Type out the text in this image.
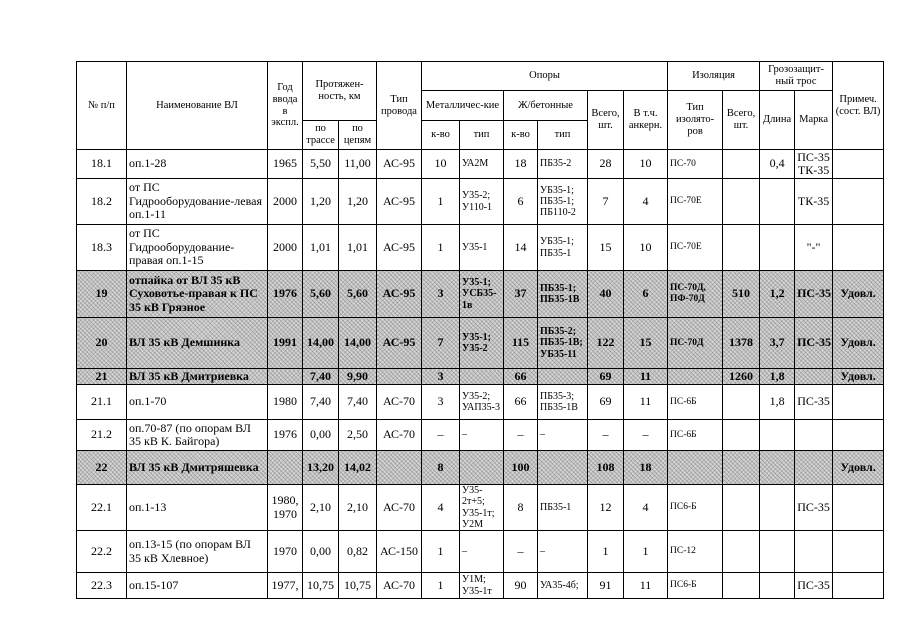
№ п/п	Наименование ВЛ	Год ввода в экспл.	Протяжен-ность, км		Тип провода	Опоры						Изоляция		Грозозащит-ный трос		Примеч. (сост. ВЛ)
						Металличес-кие		Ж/бетонные		Всего, шт.	В т.ч. анкерн.	Тип изолято-ров	Всего, шт.	Длина	Марка	
			по трассе	по цепям		к-во	тип	к-во	тип							
18.1	оп.1-28	1965	5,50	11,00	АС-95	10	УА2М	18	ПБ35-2	28	10	ПС-70		0,4	ПС-35 ТК-35	
18.2	от ПС Гидрооборудование-левая оп.1-11	2000	1,20	1,20	АС-95	1	У35-2; У110-1	6	УБ35-1; ПБ35-1; ПБ110-2	7	4	ПС-70Е			ТК-35	
18.3	от ПС Гидрооборудование-правая оп.1-15	2000	1,01	1,01	АС-95	1	У35-1	14	УБ35-1; ПБ35-1	15	10	ПС-70Е			"-"	
19	отпайка от ВЛ 35 кВ Суховотье-правая к ПС 35 кВ Грязное	1976	5,60	5,60	АС-95	3	У35-1; УСБ35-1в	37	ПБ35-1; ПБ35-1В	40	6	ПС-70Д, ПФ-70Д	510	1,2	ПС-35	Удовл.
20	ВЛ 35 кВ Демшинка	1991	14,00	14,00	АС-95	7	У35-1; У35-2	115	ПБ35-2; ПБ35-1В; УБ35-11	122	15	ПС-70Д	1378	3,7	ПС-35	Удовл.
21	ВЛ 35 кВ Дмитриевка		7,40	9,90		3		66		69	11		1260	1,8		Удовл.
21.1	оп.1-70	1980	7,40	7,40	АС-70	3	У35-2; УАП35-3	66	ПБ35-3; ПБ35-1В	69	11	ПС-6Б		1,8	ПС-35	
21.2	оп.70-87 (по опорам ВЛ 35 кВ К. Байгора)	1976	0,00	2,50	АС-70	–	–	–	–	–	–	ПС-6Б				
22	ВЛ 35 кВ Дмитряшевка		13,20	14,02		8		100		108	18					Удовл.
22.1	оп.1-13	1980, 1970	2,10	2,10	АС-70	4	У35-2т+5; У35-1т; У2М	8	ПБ35-1	12	4	ПС6-Б			ПС-35	
22.2	оп.13-15 (по опорам ВЛ 35 кВ Хлевное)	1970	0,00	0,82	АС-150	1	–	–	–	1	1	ПС-12				
22.3	оп.15-107	1977,	10,75	10,75	АС-70	1	У1М; У35-1т	90	УА35-4б;	91	11	ПС6-Б			ПС-35	
